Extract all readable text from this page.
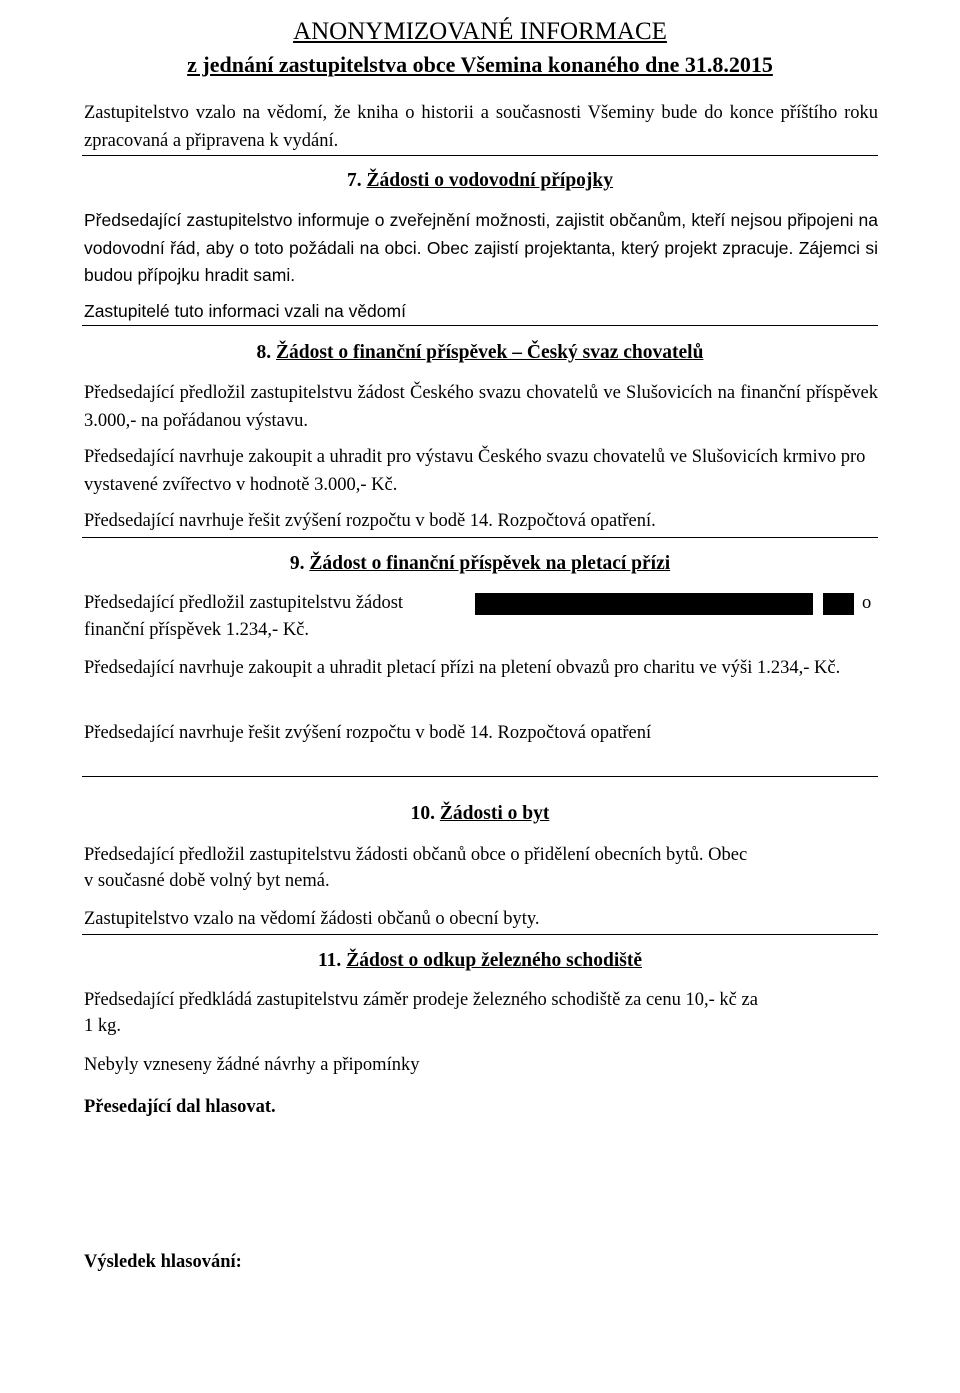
ANONYMIZOVANÉ INFORMACE
z jednání zastupitelstva obce Všemina konaného dne 31.8.2015
Zastupitelstvo vzalo na vědomí, že kniha o historii a současnosti Všeminy bude do konce příštího roku zpracovaná a připravena k vydání.
7. Žádosti o vodovodní přípojky
Předsedající zastupitelstvo informuje o zveřejnění možnosti, zajistit občanům, kteří nejsou připojeni na vodovodní řád, aby o toto požádali na obci. Obec zajistí projektanta, který projekt zpracuje. Zájemci si budou přípojku hradit sami.
Zastupitelé tuto informaci vzali na vědomí
8. Žádost o finanční příspěvek – Český svaz chovatelů
Předsedající předložil zastupitelstvu žádost Českého svazu chovatelů ve Slušovicích na finanční příspěvek 3.000,- na pořádanou výstavu.
Předsedající navrhuje zakoupit a uhradit pro výstavu Českého svazu chovatelů ve Slušovicích krmivo pro vystavené zvířectvo v hodnotě 3.000,- Kč.
Předsedající navrhuje řešit zvýšení rozpočtu v bodě 14. Rozpočtová opatření.
9. Žádost o finanční příspěvek na pletací přízi
Předsedající předložil zastupitelstvu žádost	o
finanční příspěvek 1.234,- Kč.
Předsedající navrhuje zakoupit a uhradit pletací přízi na pletení obvazů pro charitu ve výši 1.234,- Kč.
Předsedající navrhuje řešit zvýšení rozpočtu v bodě 14. Rozpočtová opatření
10. Žádosti o byt
Předsedající předložil zastupitelstvu žádosti občanů obce o přidělení obecních bytů. Obec
v současné době volný byt nemá.
Zastupitelstvo vzalo na vědomí žádosti občanů o obecní byty.
11. Žádost o odkup železného schodiště
Předsedající předkládá zastupitelstvu záměr prodeje železného schodiště za cenu 10,- kč za
1 kg.
Nebyly vzneseny žádné návrhy a připomínky
Přesedající dal hlasovat.
Výsledek hlasování:
